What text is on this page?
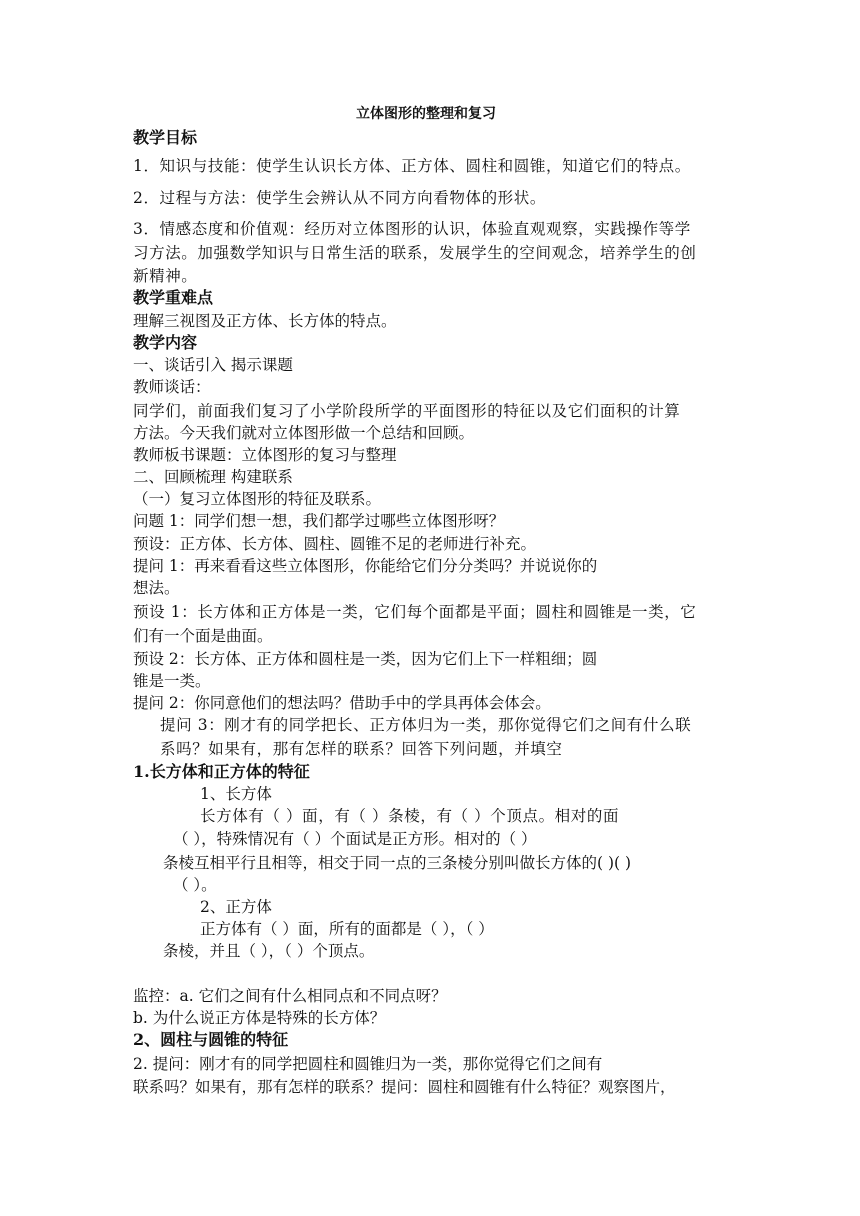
立体图形的整理和复习
教学目标
1．知识与技能：使学生认识长方体、正方体、圆柱和圆锥，知道它们的特点。
2．过程与方法：使学生会辨认从不同方向看物体的形状。
3．情感态度和价值观：经历对立体图形的认识，体验直观观察，实践操作等学
习方法。加强数学知识与日常生活的联系，发展学生的空间观念，培养学生的创
新精神。
教学重难点
理解三视图及正方体、长方体的特点。
教学内容
一、谈话引入 揭示课题
教师谈话：
同学们，前面我们复习了小学阶段所学的平面图形的特征以及它们面积的计算
方法。今天我们就对立体图形做一个总结和回顾。
教师板书课题：立体图形的复习与整理
二、回顾梳理 构建联系
（一）复习立体图形的特征及联系。
问题 1：同学们想一想，我们都学过哪些立体图形呀？
预设：正方体、长方体、圆柱、圆锥不足的老师进行补充。
提问 1：再来看看这些立体图形，你能给它们分分类吗？并说说你的
想法。
预设 1：长方体和正方体是一类，它们每个面都是平面；圆柱和圆锥是一类，它
们有一个面是曲面。
预设 2：长方体、正方体和圆柱是一类，因为它们上下一样粗细；圆
锥是一类。
提问 2：你同意他们的想法吗？借助手中的学具再体会体会。
提问 3：刚才有的同学把长、正方体归为一类，那你觉得它们之间有什么联
系吗？如果有，那有怎样的联系？回答下列问题，并填空
1.长方体和正方体的特征
1、长方体
长方体有（ ）面，有（ ）条棱，有（ ）个顶点。相对的面
（ ），特殊情况有（ ）个面试是正方形。相对的（ ）
条棱互相平行且相等，相交于同一点的三条棱分别叫做长方体的( )( )
（ ）。
2、正方体
正方体有（ ）面，所有的面都是（ ），（ ）
条棱，并且（ ），（ ）个顶点。
监控：a. 它们之间有什么相同点和不同点呀？
b. 为什么说正方体是特殊的长方体？
2、圆柱与圆锥的特征
2. 提问：刚才有的同学把圆柱和圆锥归为一类，那你觉得它们之间有
联系吗？如果有，那有怎样的联系？提问：圆柱和圆锥有什么特征？观察图片，
